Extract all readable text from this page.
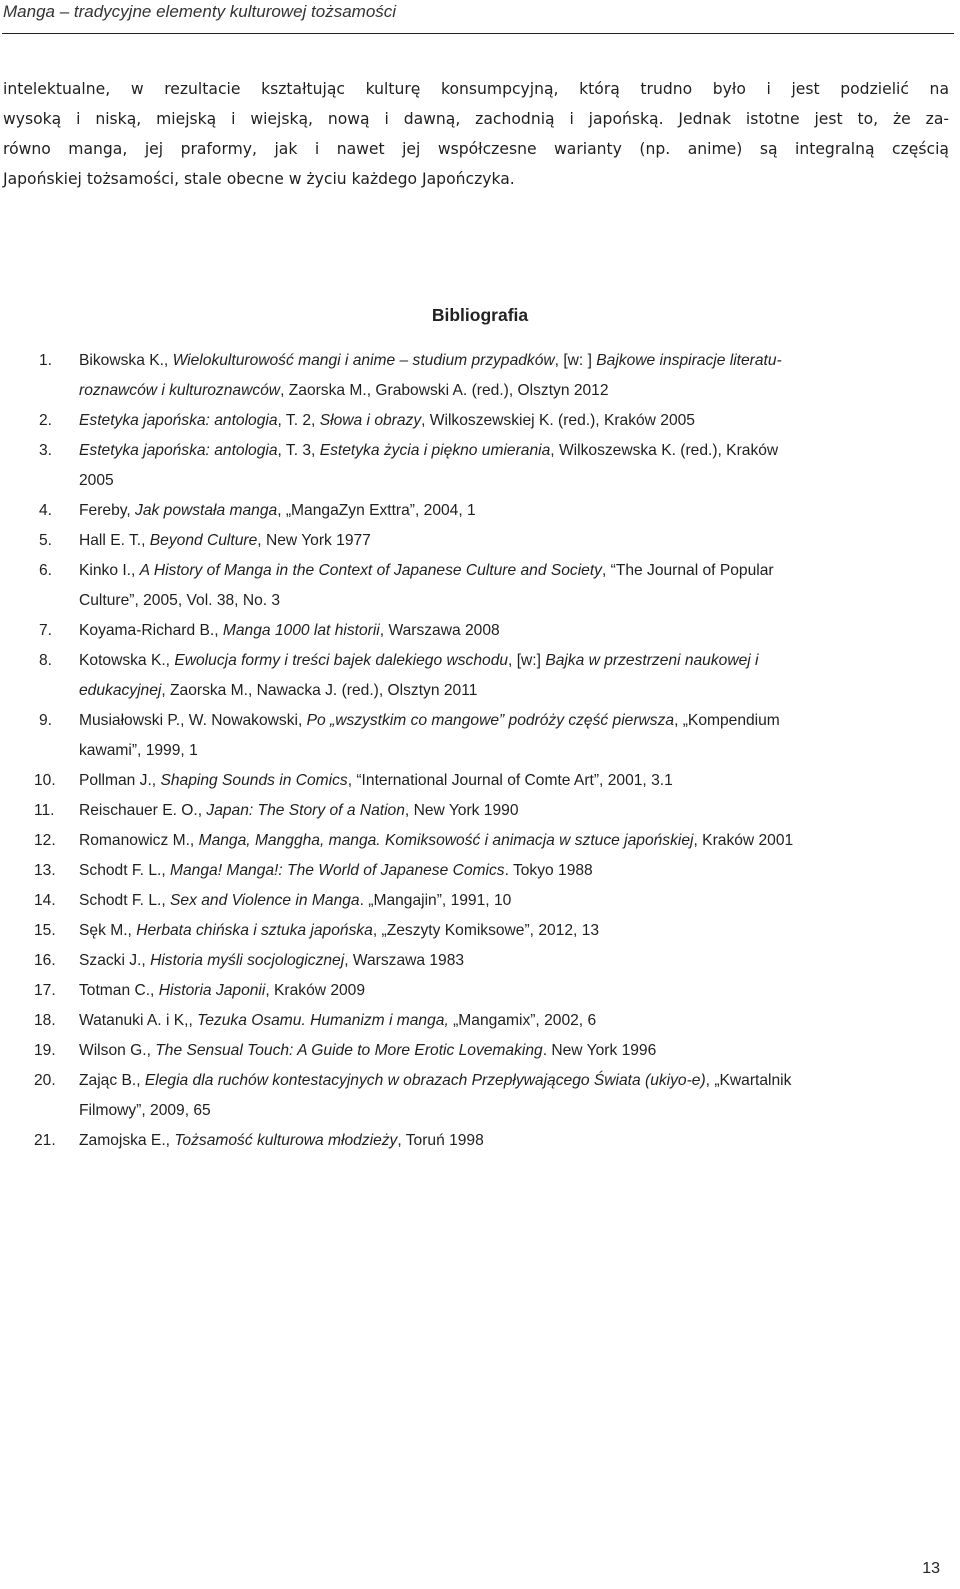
Manga – tradycyjne elementy kulturowej tożsamości
intelektualne, w rezultacie kształtując kulturę konsumpcyjną, którą trudno było i jest podzielić na
wysoką i niską, miejską i wiejską, nową i dawną, zachodnią i japońską. Jednak istotne jest to, że za-
równo manga, jej praformy, jak i nawet jej współczesne warianty (np. anime) są integralną częścią
Japońskiej tożsamości, stale obecne w życiu każdego Japończyka.
Bibliografia
1. Bikowska K., Wielokulturowość mangi i anime – studium przypadków, [w: ] Bajkowe inspiracje literatu-
roznawców i kulturoznawców, Zaorska M., Grabowski A. (red.), Olsztyn 2012
2. Estetyka japońska: antologia, T. 2, Słowa i obrazy, Wilkoszewskiej K. (red.), Kraków 2005
3. Estetyka japońska: antologia, T. 3, Estetyka życia i piękno umierania, Wilkoszewska K. (red.), Kraków
2005
4. Fereby, Jak powstała manga, „MangaZyn Exttra”, 2004, 1
5. Hall E. T., Beyond Culture, New York 1977
6. Kinko I., A History of Manga in the Context of Japanese Culture and Society, “The Journal of Popular
Culture”, 2005, Vol. 38, No. 3
7. Koyama-Richard B., Manga 1000 lat historii, Warszawa 2008
8. Kotowska K., Ewolucja formy i treści bajek dalekiego wschodu, [w:] Bajka w przestrzeni naukowej i
edukacyjnej, Zaorska M., Nawacka J. (red.), Olsztyn 2011
9. Musiałowski P., W. Nowakowski, Po „wszystkim co mangowe” podróży część pierwsza, „Kompendium
kawami”, 1999, 1
10. Pollman J., Shaping Sounds in Comics, “International Journal of Comte Art”, 2001, 3.1
11. Reischauer E. O., Japan: The Story of a Nation, New York 1990
12. Romanowicz M., Manga, Manggha, manga. Komiksowość i animacja w sztuce japońskiej, Kraków 2001
13. Schodt F. L., Manga! Manga!: The World of Japanese Comics. Tokyo 1988
14. Schodt F. L., Sex and Violence in Manga. „Mangajin”, 1991, 10
15. Sęk M., Herbata chińska i sztuka japońska, „Zeszyty Komiksowe”, 2012, 13
16. Szacki J., Historia myśli socjologicznej, Warszawa 1983
17. Totman C., Historia Japonii, Kraków 2009
18. Watanuki A. i K,, Tezuka Osamu. Humanizm i manga, „Mangamix”, 2002, 6
19. Wilson G., The Sensual Touch: A Guide to More Erotic Lovemaking. New York 1996
20. Zając B., Elegia dla ruchów kontestacyjnych w obrazach Przepływającego Świata (ukiyo-e), „Kwartalnik
Filmowy”, 2009, 65
21. Zamojska E., Tożsamość kulturowa młodzieży, Toruń 1998
13
